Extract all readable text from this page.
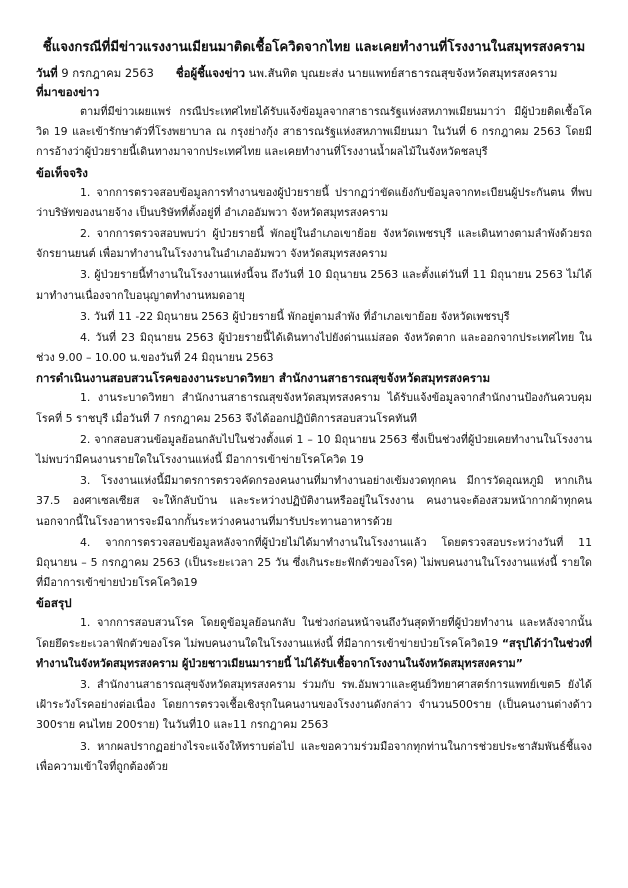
ชี้แจงกรณีที่มีข่าวแรงงานเมียนมาติดเชื้อโควิดจากไทย และเคยทำงานที่โรงงานในสมุทรสงคราม
วันที่
9 กรกฎาคม 2563 ชื่อผู้ชี้แจงข่าว
นพ.สันทิต บุณยะส่ง นายแพทย์สาธารณสุขจังหวัดสมุทรสงคราม
ที่มาของข่าว

ตามที่มีข่าวเผยแพร่ กรณีประเทศไทยได้รับแจ้งข้อมูลจากสาธารณรัฐแห่งสหภาพเมียนมาว่า มีผู้ป่วยติดเชื้อโควิด 19 และเข้ารักษาตัวที่โรงพยาบาล ณ กรุงย่างกุ้ง สาธารณรัฐแห่งสหภาพเมียนมา ในวันที่ 6 กรกฎาคม 2563 โดยมีการอ้างว่าผู้ป่วยรายนี้เดินทางมาจากประเทศไทย และเคยทำงานที่โรงงานน้ำผลไม้ในจังหวัดชลบุรี

ข้อเท็จจริง

1. จากการตรวจสอบข้อมูลการทำงานของผู้ป่วยรายนี้ ปรากฏว่าขัดแย้งกับข้อมูลจากทะเบียนผู้ประกันตน ที่พบว่าบริษัทของนายจ้าง เป็นบริษัทที่ตั้งอยู่ที่ อำเภออัมพวา จังหวัดสมุทรสงคราม

2. จากการตรวจสอบพบว่า ผู้ป่วยรายนี้ พักอยู่ในอำเภอเขาย้อย จังหวัดเพชรบุรี และเดินทางตามลำพังด้วยรถจักรยานยนต์ เพื่อมาทำงานในโรงงานในอำเภออัมพวา จังหวัดสมุทรสงคราม

3. ผู้ป่วยรายนี้ทำงานในโรงงานแห่งนี้จน ถึงวันที่ 10 มิถุนายน 2563 และตั้งแต่วันที่ 11 มิถุนายน 2563 ไม่ได้มาทำงานเนื่องจากใบอนุญาตทำงานหมดอายุ

3. วันที่ 11 -22 มิถุนายน 2563 ผู้ป่วยรายนี้ พักอยู่ตามลำพัง ที่อำเภอเขาย้อย จังหวัดเพชรบุรี

4. วันที่ 23 มิถุนายน 2563 ผู้ป่วยรายนี้ได้เดินทางไปยังด่านแม่สอด จังหวัดตาก และออกจากประเทศไทย ในช่วง 9.00 – 10.00 น.ของวันที่ 24 มิถุนายน 2563

การดำเนินงานสอบสวนโรคของงานระบาดวิทยา สำนักงานสาธารณสุขจังหวัดสมุทรสงคราม

1. งานระบาดวิทยา สำนักงานสาธารณสุขจังหวัดสมุทรสงคราม ได้รับแจ้งข้อมูลจากสำนักงานป้องกันควบคุมโรคที่ 5 ราชบุรี เมื่อวันที่ 7 กรกฎาคม 2563 จึงได้ออกปฏิบัติการสอบสวนโรคทันที

2. จากสอบสวนข้อมูลย้อนกลับไปในช่วงตั้งแต่ 1 – 10 มิถุนายน 2563 ซึ่งเป็นช่วงที่ผู้ป่วยเคยทำงานในโรงงาน ไม่พบว่ามีคนงานรายใดในโรงงานแห่งนี้ มีอาการเข้าข่ายโรคโควิด 19

3. โรงงานแห่งนี้มีมาตรการตรวจคัดกรองคนงานที่มาทำงานอย่างเข้มงวดทุกคน มีการวัดอุณหภูมิ หากเกิน 37.5 องศาเซลเซียส จะให้กลับบ้าน และระหว่างปฏิบัติงานหรืออยู่ในโรงงาน คนงานจะต้องสวมหน้ากากผ้าทุกคน นอกจากนี้ในโรงอาหารจะมีฉากกั้นระหว่างคนงานที่มารับประทานอาหารด้วย

4. จากการตรวจสอบข้อมูลหลังจากที่ผู้ป่วยไม่ได้มาทำงานในโรงงานแล้ว โดยตรวจสอบระหว่างวันที่ 11 มิถุนายน – 5 กรกฎาคม 2563 (เป็นระยะเวลา 25 วัน ซึ่งเกินระยะฟักตัวของโรค) ไม่พบคนงานในโรงงานแห่งนี้ รายใดที่มีอาการเข้าข่ายป่วยโรคโควิด19

ข้อสรุป

1. จากการสอบสวนโรค โดยดูข้อมูลย้อนกลับ ในช่วงก่อนหน้าจนถึงวันสุดท้ายที่ผู้ป่วยทำงาน และหลังจากนั้น โดยยึดระยะเวลาฟักตัวของโรค ไม่พบคนงานใดในโรงงานแห่งนี้ ที่มีอาการเข้าข่ายป่วยโรคโควิด19 “สรุปได้ว่าในช่วงที่ทำงานในจังหวัดสมุทรสงคราม ผู้ป่วยชาวเมียนมารายนี้ ไม่ได้รับเชื้อจากโรงงานในจังหวัดสมุทรสงคราม”

3. สำนักงานสาธารณสุขจังหวัดสมุทรสงคราม ร่วมกับ รพ.อัมพวาและศูนย์วิทยาศาสตร์การแพทย์เขต5 ยังได้เฝ้าระวังโรคอย่างต่อเนื่อง โดยการตรวจเชื้อเชิงรุกในคนงานของโรงงานดังกล่าว จำนวน500ราย (เป็นคนงานต่างด้าว 300ราย คนไทย 200ราย) ในวันที่10 และ11 กรกฎาคม 2563

3. หากผลปรากฏอย่างไรจะแจ้งให้ทราบต่อไป และขอความร่วมมือจากทุกท่านในการช่วยประชาสัมพันธ์ชี้แจงเพื่อความเข้าใจที่ถูกต้องด้วย
